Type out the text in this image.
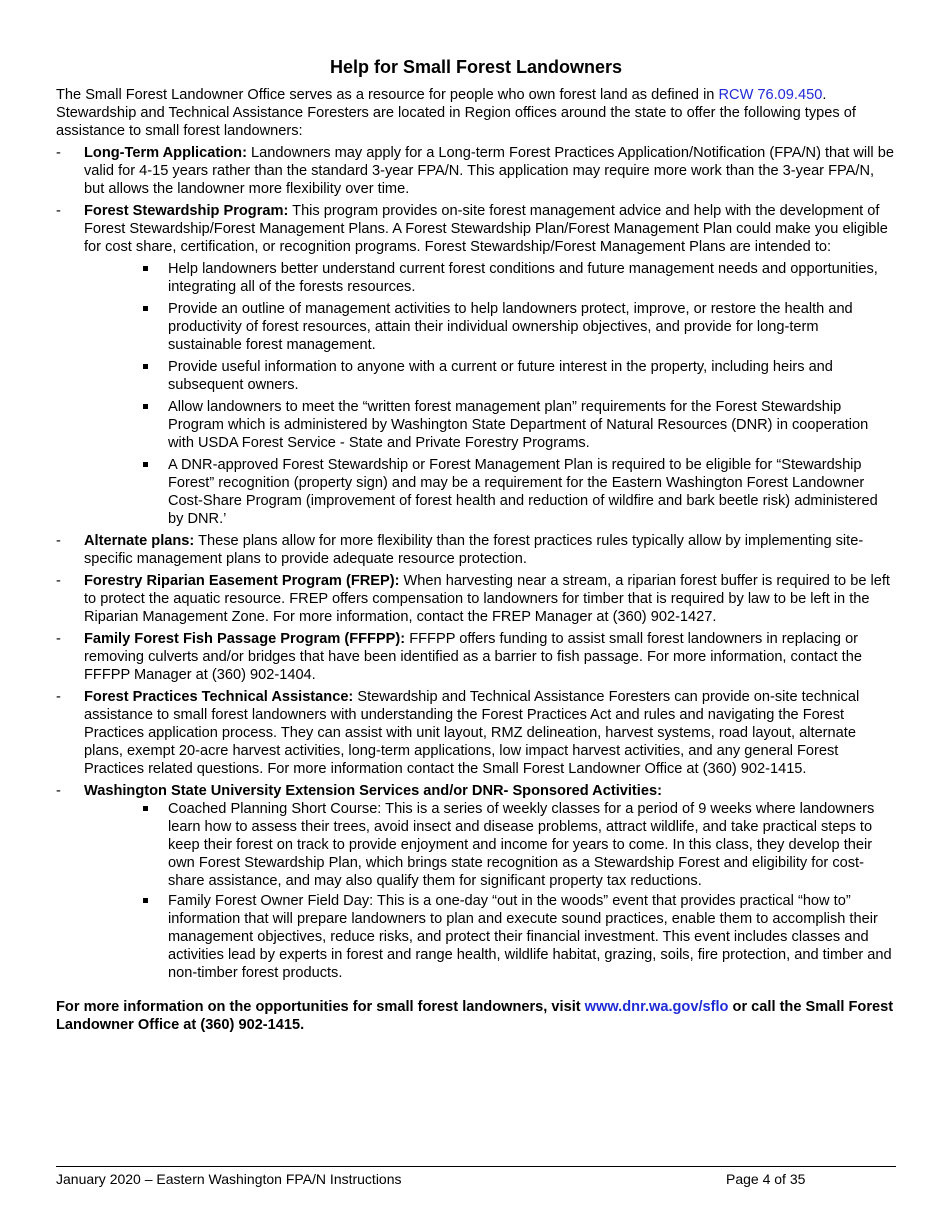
Help for Small Forest Landowners

The Small Forest Landowner Office serves as a resource for people who own forest land as defined in RCW 76.09.450. Stewardship and Technical Assistance Foresters are located in Region offices around the state to offer the following types of assistance to small forest landowners:

- Long-Term Application: Landowners may apply for a Long-term Forest Practices Application/Notification (FPA/N) that will be valid for 4-15 years rather than the standard 3-year FPA/N. This application may require more work than the 3-year FPA/N, but allows the landowner more flexibility over time.
- Forest Stewardship Program: This program provides on-site forest management advice and help with the development of Forest Stewardship/Forest Management Plans. A Forest Stewardship Plan/Forest Management Plan could make you eligible for cost share, certification, or recognition programs. Forest Stewardship/Forest Management Plans are intended to:
Help landowners better understand current forest conditions and future management needs and opportunities, integrating all of the forests resources.
Provide an outline of management activities to help landowners protect, improve, or restore the health and productivity of forest resources, attain their individual ownership objectives, and provide for long-term sustainable forest management.
Provide useful information to anyone with a current or future interest in the property, including heirs and subsequent owners.
Allow landowners to meet the “written forest management plan” requirements for the Forest Stewardship Program which is administered by Washington State Department of Natural Resources (DNR) in cooperation with USDA Forest Service - State and Private Forestry Programs.
A DNR-approved Forest Stewardship or Forest Management Plan is required to be eligible for “Stewardship Forest” recognition (property sign) and may be a requirement for the Eastern Washington Forest Landowner Cost-Share Program (improvement of forest health and reduction of wildfire and bark beetle risk) administered by DNR.’
- Alternate plans: These plans allow for more flexibility than the forest practices rules typically allow by implementing site-specific management plans to provide adequate resource protection.
- Forestry Riparian Easement Program (FREP): When harvesting near a stream, a riparian forest buffer is required to be left to protect the aquatic resource. FREP offers compensation to landowners for timber that is required by law to be left in the Riparian Management Zone. For more information, contact the FREP Manager at (360) 902-1427.
- Family Forest Fish Passage Program (FFFPP): FFFPP offers funding to assist small forest landowners in replacing or removing culverts and/or bridges that have been identified as a barrier to fish passage. For more information, contact the FFFPP Manager at (360) 902-1404.
- Forest Practices Technical Assistance: Stewardship and Technical Assistance Foresters can provide on-site technical assistance to small forest landowners with understanding the Forest Practices Act and rules and navigating the Forest Practices application process. They can assist with unit layout, RMZ delineation, harvest systems, road layout, alternate plans, exempt 20-acre harvest activities, long-term applications, low impact harvest activities, and any general Forest Practices related questions. For more information contact the Small Forest Landowner Office at (360) 902-1415.
- Washington State University Extension Services and/or DNR- Sponsored Activities:
Coached Planning Short Course: This is a series of weekly classes for a period of 9 weeks where landowners learn how to assess their trees, avoid insect and disease problems, attract wildlife, and take practical steps to keep their forest on track to provide enjoyment and income for years to come. In this class, they develop their own Forest Stewardship Plan, which brings state recognition as a Stewardship Forest and eligibility for cost-share assistance, and may also qualify them for significant property tax reductions.
Family Forest Owner Field Day: This is a one-day “out in the woods” event that provides practical “how to” information that will prepare landowners to plan and execute sound practices, enable them to accomplish their management objectives, reduce risks, and protect their financial investment. This event includes classes and activities lead by experts in forest and range health, wildlife habitat, grazing, soils, fire protection, and timber and non-timber forest products.

For more information on the opportunities for small forest landowners, visit www.dnr.wa.gov/sflo or call the Small Forest Landowner Office at (360) 902-1415.

January 2020 – Eastern Washington FPA/N Instructions	Page 4 of 35
